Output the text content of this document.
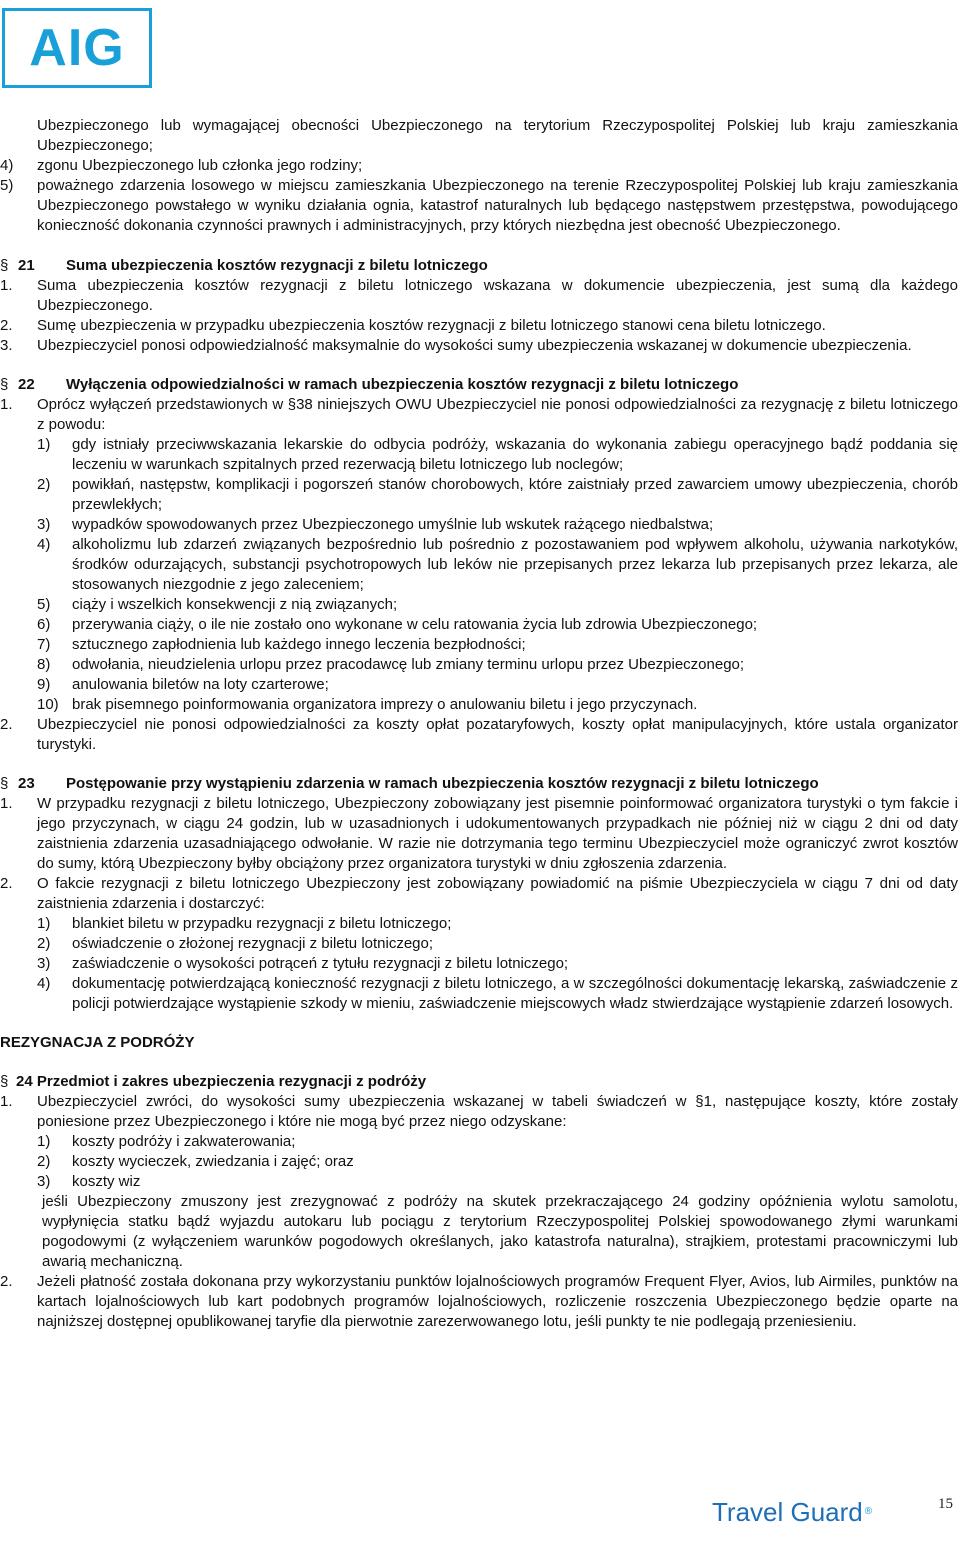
AIG

Ubezpieczonego lub wymagającej obecności Ubezpieczonego na terytorium Rzeczypospolitej Polskiej lub kraju zamieszkania Ubezpieczonego;

4)	zgonu Ubezpieczonego lub członka jego rodziny;
5)	poważnego zdarzenia losowego w miejscu zamieszkania Ubezpieczonego na terenie Rzeczypospolitej Polskiej lub kraju zamieszkania Ubezpieczonego powstałego w wyniku działania ognia, katastrof naturalnych lub będącego następstwem przestępstwa, powodującego konieczność dokonania czynności prawnych i administracyjnych, przy których niezbędna jest obecność Ubezpieczonego.
§ 21	Suma ubezpieczenia kosztów rezygnacji z biletu lotniczego
1.	Suma ubezpieczenia kosztów rezygnacji z biletu lotniczego wskazana w dokumencie ubezpieczenia, jest sumą dla każdego Ubezpieczonego.
2.	Sumę ubezpieczenia w przypadku ubezpieczenia kosztów rezygnacji z biletu lotniczego stanowi cena biletu lotniczego.
3.	Ubezpieczyciel ponosi odpowiedzialność maksymalnie do wysokości sumy ubezpieczenia wskazanej w dokumencie ubezpieczenia.
§ 22	Wyłączenia odpowiedzialności w ramach ubezpieczenia kosztów rezygnacji z biletu lotniczego
1.	Oprócz wyłączeń przedstawionych w §38 niniejszych OWU Ubezpieczyciel nie ponosi odpowiedzialności za rezygnację z biletu lotniczego z powodu:
1)	gdy istniały przeciwwskazania lekarskie do odbycia podróży, wskazania do wykonania zabiegu operacyjnego bądź poddania się leczeniu w warunkach szpitalnych przed rezerwacją biletu lotniczego lub noclegów;
2)	powikłań, następstw, komplikacji i pogorszeń stanów chorobowych, które zaistniały przed zawarciem umowy ubezpieczenia, chorób przewlekłych;
3)	wypadków spowodowanych przez Ubezpieczonego umyślnie lub wskutek rażącego niedbalstwa;
4)	alkoholizmu lub zdarzeń związanych bezpośrednio lub pośrednio z pozostawaniem pod wpływem alkoholu, używania narkotyków, środków odurzających, substancji psychotropowych lub leków nie przepisanych przez lekarza lub przepisanych przez lekarza, ale stosowanych niezgodnie z jego zaleceniem;
5)	ciąży i wszelkich konsekwencji z nią związanych;
6)	przerywania ciąży, o ile nie zostało ono wykonane w celu ratowania życia lub zdrowia Ubezpieczonego;
7)	sztucznego zapłodnienia lub każdego innego leczenia bezpłodności;
8)	odwołania, nieudzielenia urlopu przez pracodawcę lub zmiany terminu urlopu przez Ubezpieczonego;
9)	anulowania biletów na loty czarterowe;
10) brak pisemnego poinformowania organizatora imprezy o anulowaniu biletu i jego przyczynach.
2.	Ubezpieczyciel nie ponosi odpowiedzialności za koszty opłat pozataryfowych, koszty opłat manipulacyjnych, które ustala organizator turystyki.
§ 23	Postępowanie przy wystąpieniu zdarzenia w ramach ubezpieczenia kosztów rezygnacji z biletu lotniczego
1.	W przypadku rezygnacji z biletu lotniczego, Ubezpieczony zobowiązany jest pisemnie poinformować organizatora turystyki o tym fakcie i jego przyczynach, w ciągu 24 godzin, lub w uzasadnionych i udokumentowanych przypadkach nie później niż w ciągu 2 dni od daty zaistnienia zdarzenia uzasadniającego odwołanie. W razie nie dotrzymania tego terminu Ubezpieczyciel może ograniczyć zwrot kosztów do sumy, którą Ubezpieczony byłby obciążony przez organizatora turystyki w dniu zgłoszenia zdarzenia.
2.	O fakcie rezygnacji z biletu lotniczego Ubezpieczony jest zobowiązany powiadomić na piśmie Ubezpieczyciela w ciągu 7 dni od daty zaistnienia zdarzenia i dostarczyć:
1)	blankiet biletu w przypadku rezygnacji z biletu lotniczego;
2)	oświadczenie o złożonej rezygnacji z biletu lotniczego;
3)	zaświadczenie o wysokości potrąceń z tytułu rezygnacji z biletu lotniczego;
4)	dokumentację potwierdzającą konieczność rezygnacji z biletu lotniczego, a w szczególności dokumentację lekarską, zaświadczenie z policji potwierdzające wystąpienie szkody w mieniu, zaświadczenie miejscowych władz stwierdzające wystąpienie zdarzeń losowych.

REZYGNACJA Z PODRÓŻY

§ 24 Przedmiot i zakres ubezpieczenia rezygnacji z podróży
1.	Ubezpieczyciel zwróci, do wysokości sumy ubezpieczenia wskazanej w tabeli świadczeń w §1, następujące koszty, które zostały poniesione przez Ubezpieczonego i które nie mogą być przez niego odzyskane:
1)	koszty podróży i zakwaterowania;
2)	koszty wycieczek, zwiedzania i zajęć; oraz
3)	koszty wiz

jeśli Ubezpieczony zmuszony jest zrezygnować z podróży na skutek przekraczającego 24 godziny opóźnienia wylotu samolotu, wypłynięcia statku bądź wyjazdu autokaru lub pociągu z terytorium Rzeczypospolitej Polskiej spowodowanego złymi warunkami pogodowymi (z wyłączeniem warunków pogodowych określanych, jako katastrofa naturalna), strajkiem, protestami pracowniczymi lub awarią mechaniczną.

2.	Jeżeli płatność została dokonana przy wykorzystaniu punktów lojalnościowych programów Frequent Flyer, Avios, lub Airmiles, punktów na kartach lojalnościowych lub kart podobnych programów lojalnościowych, rozliczenie roszczenia Ubezpieczonego będzie oparte na najniższej dostępnej opublikowanej taryfie dla pierwotnie zarezerwowanego lotu, jeśli punkty te nie podlegają przeniesieniu.
Travel Guard ®	15
